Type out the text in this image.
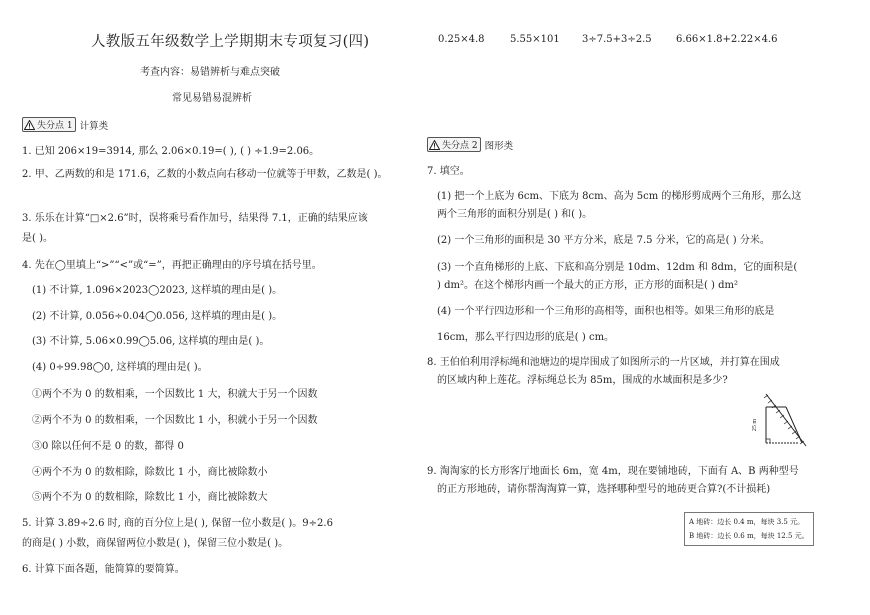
人教版五年级数学上学期期末专项复习(四)
考查内容：易错辨析与难点突破
常见易错易混辨析
失分点 1 计算类
1. 已知 206×19=3914, 那么 2.06×0.19=( ), ( ) ÷1.9=2.06。
2. 甲、乙两数的和是 171.6，乙数的小数点向右移动一位就等于甲数，乙数是( )。
3. 乐乐在计算“□×2.6”时，误将乘号看作加号，结果得 7.1，正确的结果应该
是( )。
4. 先在◯里填上“>”“<”或“=”，再把正确理由的序号填在括号里。
(1) 不计算, 1.096×2023◯2023, 这样填的理由是( )。
(2) 不计算, 0.056÷0.04◯0.056, 这样填的理由是( )。
(3) 不计算, 5.06×0.99◯5.06, 这样填的理由是( )。
(4) 0÷99.98◯0, 这样填的理由是( )。
①两个不为 0 的数相乘，一个因数比 1 大，积就大于另一个因数
②两个不为 0 的数相乘，一个因数比 1 小，积就小于另一个因数
③0 除以任何不是 0 的数，都得 0
④两个不为 0 的数相除，除数比 1 小，商比被除数小
⑤两个不为 0 的数相除，除数比 1 小，商比被除数大
5. 计算 3.89÷2.6 时, 商的百分位上是( ), 保留一位小数是( )。9÷2.6
的商是( ) 小数，商保留两位小数是( )，保留三位小数是( )。
6. 计算下面各题，能简算的要简算。
0.25×4.8	5.55×101 3÷7.5+3÷2.5 6.66×1.8+2.22×4.6
失分点 2 图形类
7. 填空。
(1) 把一个上底为 6cm、下底为 8cm、高为 5cm 的梯形剪成两个三角形，那么这
两个三角形的面积分别是( ) 和( )。
(2) 一个三角形的面积是 30 平方分米，底是 7.5 分米，它的高是( ) 分米。
(3) 一个直角梯形的上底、下底和高分别是 10dm、12dm 和 8dm，它的面积是(
) dm²。在这个梯形内画一个最大的正方形，正方形的面积是( ) dm²
(4) 一个平行四边形和一个三角形的高相等，面积也相等。如果三角形的底是
16cm，那么平行四边形的底是( ) cm。
8. 王伯伯利用浮标绳和池塘边的堤岸围成了如图所示的一片区域，并打算在围成
的区域内种上莲花。浮标绳总长为 85m，围成的水域面积是多少?
25 m
9. 淘淘家的长方形客厅地面长 6m，宽 4m，现在要铺地砖，下面有 A、B 两种型号
的正方形地砖，请你帮淘淘算一算，选择哪种型号的地砖更合算?(不计损耗)
A 地砖：边长 0.4 m，每块 3.5 元。
B 地砖：边长 0.6 m，每块 12.5 元。
